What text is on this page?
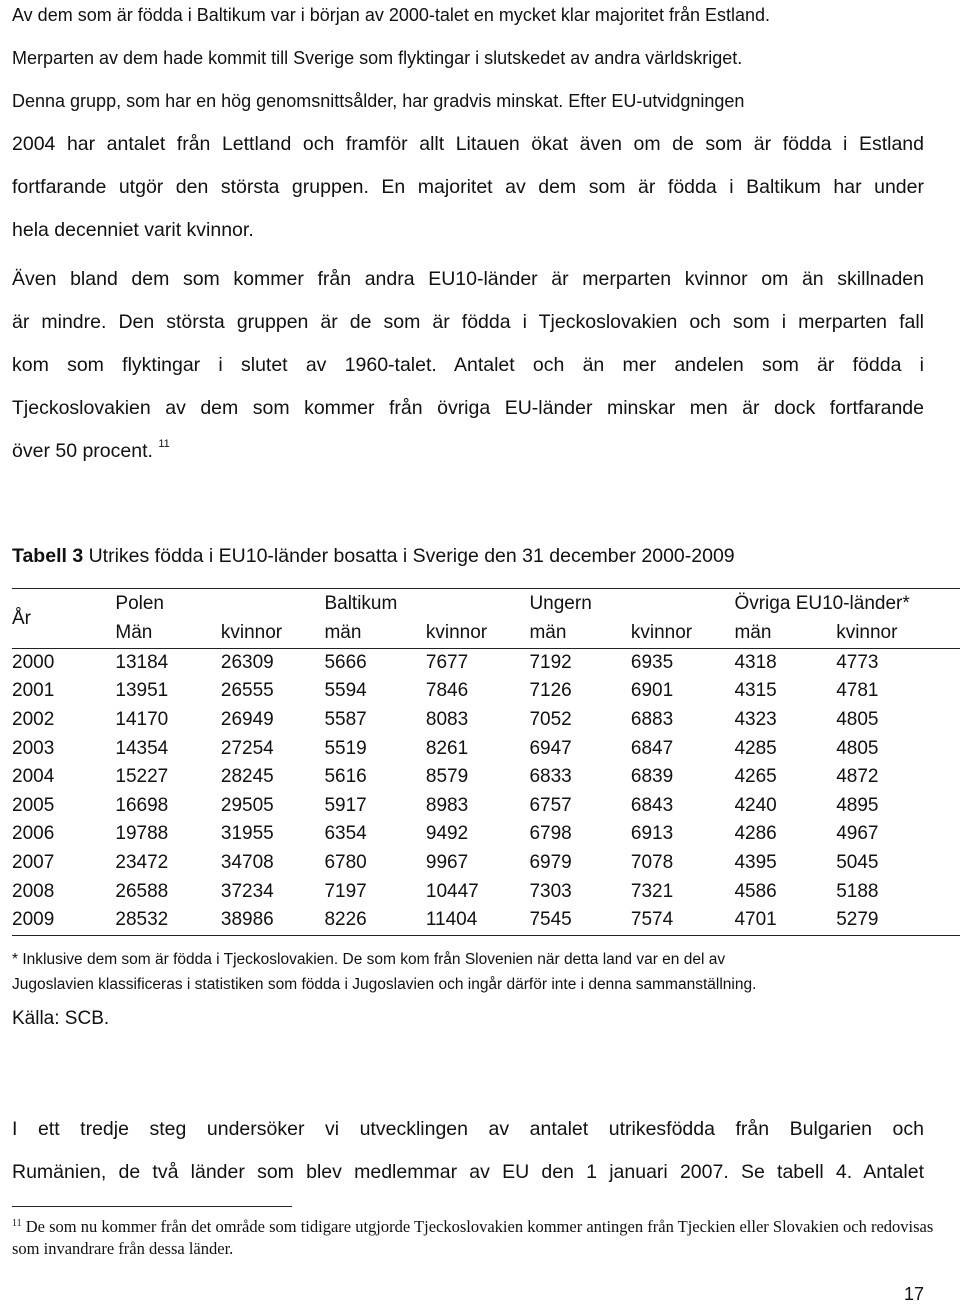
Av dem som är födda i Baltikum var i början av 2000-talet en mycket klar majoritet från Estland.
Merparten av dem hade kommit till Sverige som flyktingar i slutskedet av andra världskriget.
Denna grupp, som har en hög genomsnittsålder, har gradvis minskat. Efter EU-utvidgningen
2004 har antalet från Lettland och framför allt Litauen ökat även om de som är födda i Estland
fortfarande utgör den största gruppen. En majoritet av dem som är födda i Baltikum har under
hela decenniet varit kvinnor.
Även bland dem som kommer från andra EU10-länder är merparten kvinnor om än skillnaden
är mindre. Den största gruppen är de som är födda i Tjeckoslovakien och som i merparten fall
kom som flyktingar i slutet av 1960-talet. Antalet och än mer andelen som är födda i
Tjeckoslovakien av dem som kommer från övriga EU-länder minskar men är dock fortfarande
över 50 procent. $^{11}$
Tabell 3 Utrikes födda i EU10-länder bosatta i Sverige den 31 december 2000-2009
	Polen		Baltikum		Ungern		Övriga EU10-länder*	
År	Män	kvinnor	män	kvinnor	män	kvinnor	män	kvinnor
2000	13184	26309	5666	7677	7192	6935	4318	4773
2001	13951	26555	5594	7846	7126	6901	4315	4781
2002	14170	26949	5587	8083	7052	6883	4323	4805
2003	14354	27254	5519	8261	6947	6847	4285	4805
2004	15227	28245	5616	8579	6833	6839	4265	4872
2005	16698	29505	5917	8983	6757	6843	4240	4895
2006	19788	31955	6354	9492	6798	6913	4286	4967
2007	23472	34708	6780	9967	6979	7078	4395	5045
2008	26588	37234	7197	10447	7303	7321	4586	5188
2009	28532	38986	8226	11404	7545	7574	4701	5279
* Inklusive dem som är födda i Tjeckoslovakien. De som kom från Slovenien när detta land var en del av
Jugoslavien klassificeras i statistiken som födda i Jugoslavien och ingår därför inte i denna sammanställning.
Källa: SCB.
I ett tredje steg undersöker vi utvecklingen av antalet utrikesfödda från Bulgarien och
Rumänien, de två länder som blev medlemmar av EU den 1 januari 2007. Se tabell 4. Antalet
$^{11}$ De som nu kommer från det område som tidigare utgjorde Tjeckoslovakien kommer antingen från Tjeckien eller Slovakien och redovisas som invandrare från dessa länder.
17
